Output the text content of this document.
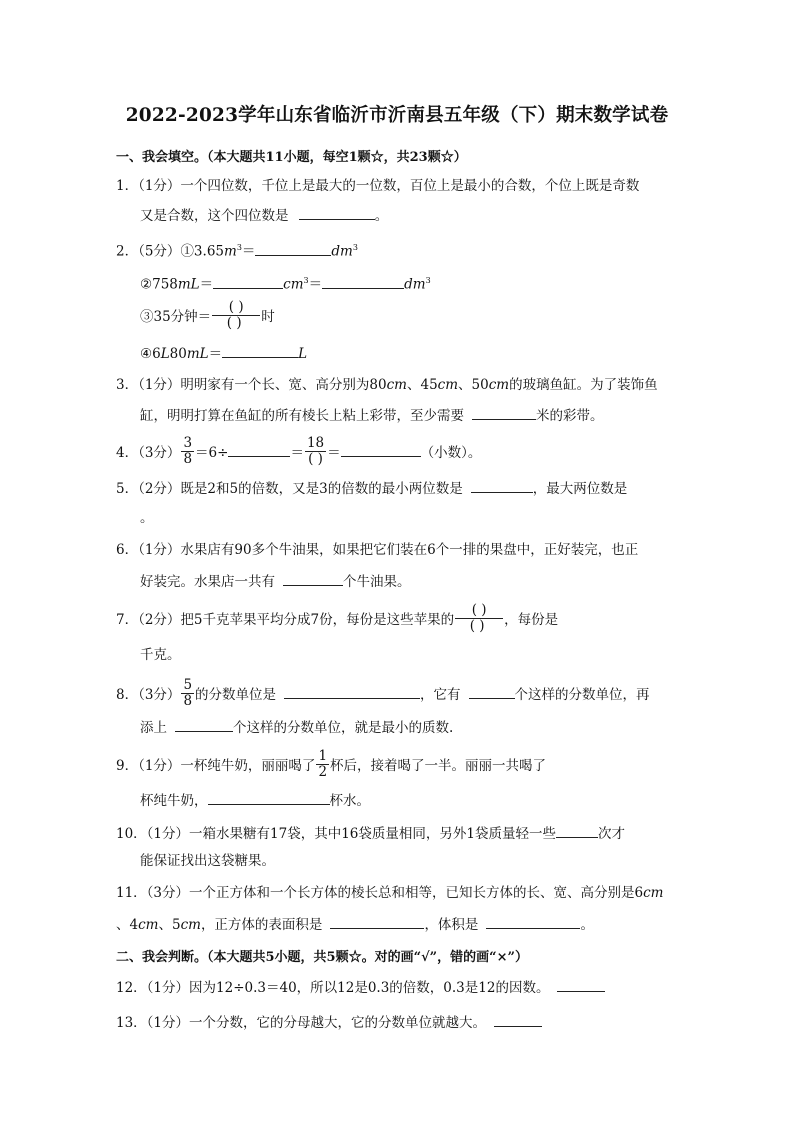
2022-2023学年山东省临沂市沂南县五年级（下）期末数学试卷
一、我会填空。（本大题共11小题，每空1颗☆，共23颗☆）
1．（1分）一个四位数，千位上是最大的一位数，百位上是最小的合数，个位上既是奇数
又是合数，这个四位数是	。
2．（5分）$①3.65m^3=$	$dm^3$
②758mL＝	$cm^3=$	$dm^3$
③35分钟＝ $\frac{( )}{( )}$ 时
④6L80mL＝	L
3．（1分）明明家有一个长、宽、高分别为80cm、45cm、50cm的玻璃鱼缸。为了装饰鱼
缸，明明打算在鱼缸的所有棱长上粘上彩带，至少需要	米的彩带。
4．（3分） $\frac{3}{8} =6\div$	＝ $\frac{18}{( )}$ ＝	（小数）。
5．（2分）既是2和5的倍数，又是3的倍数的最小两位数是	，最大两位数是
。
6．（1分）水果店有90多个牛油果，如果把它们装在6个一排的果盘中，正好装完，也正
好装完。水果店一共有	个牛油果。
7．（2分）把5千克苹果平均分成7份，每份是这些苹果的 $\frac{( )}{( )}$ ，每份是
千克。
8．（3分） $\frac{5}{8}$ 的分数单位是	，它有	个这样的分数单位，再
添上	个这样的分数单位，就是最小的质数.
9．（1分）一杯纯牛奶，丽丽喝了 $\frac{1}{2}$ 杯后，接着喝了一半。丽丽一共喝了
杯纯牛奶，	杯水。
10．（1分）一箱水果糖有17袋，其中16袋质量相同，另外1袋质量轻一些	次才
能保证找出这袋糖果。
11．（3分）一个正方体和一个长方体的棱长总和相等，已知长方体的长、宽、高分别是6cm
、4cm、5cm，正方体的表面积是	，体积是	。
二、我会判断。（本大题共5小题，共5颗☆。对的画“√”，错的画“×”）
12．（1分）因为12÷0.3＝40，所以12是0.3的倍数，0.3是12的因数。
13．（1分）一个分数，它的分母越大，它的分数单位就越大。
